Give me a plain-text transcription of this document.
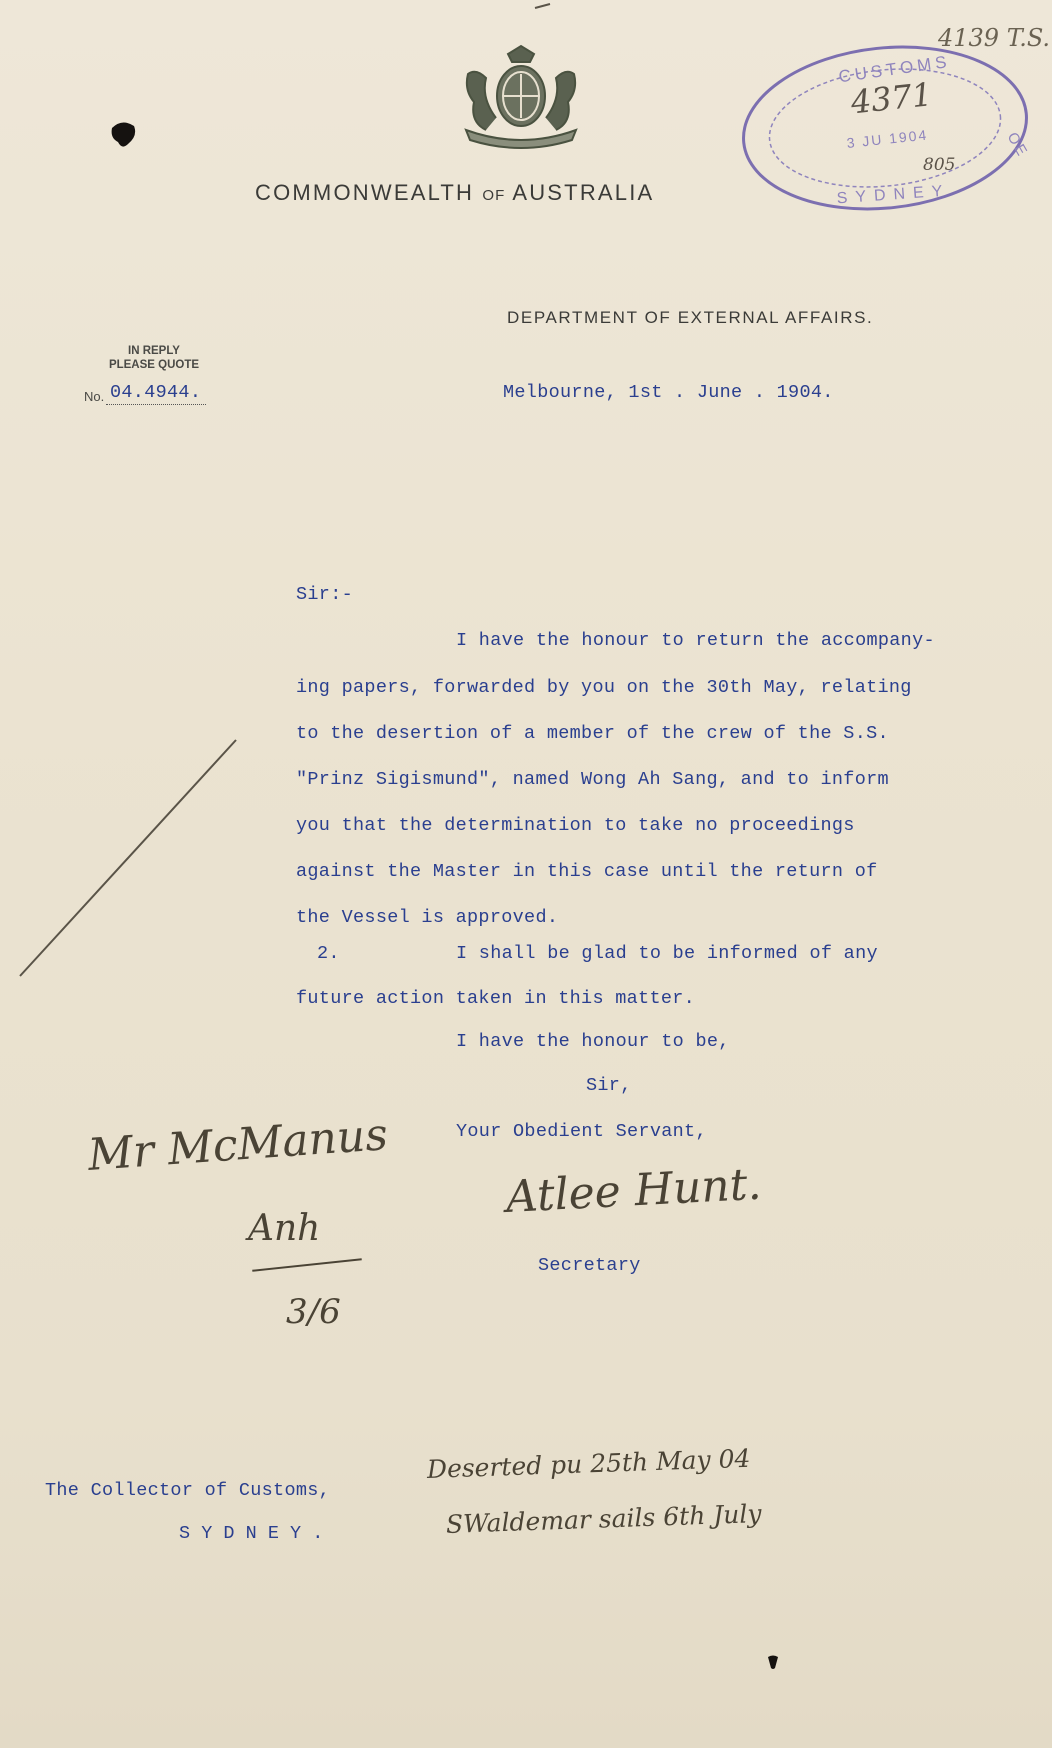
COMMONWEALTH OF AUSTRALIA
DEPARTMENT OF EXTERNAL AFFAIRS.
IN REPLY
PLEASE QUOTE
No. 04.4944.	Melbourne, 1st . June . 1904.
CUSTOMS
OE
SYDNEY
4371
3 JU 1904
805
4139 T.S.
Sir:-
I have the honour to return the accompany-
ing papers, forwarded by you on the 30th May, relating
to the desertion of a member of the crew of the S.S.
"Prinz Sigismund", named Wong Ah Sang, and to inform
you that the determination to take no proceedings
against the Master in this case until the return of
the Vessel is approved.
2.	I shall be glad to be informed of any
future action taken in this matter.
I have the honour to be,
Sir,
Your Obedient Servant,
Secretary
The Collector of Customs,
S Y D N E Y .
Mr McManus
Atlee Hunt.
Anh
3/6
Deserted pu 25th May 04
SWaldemar sails 6th July
